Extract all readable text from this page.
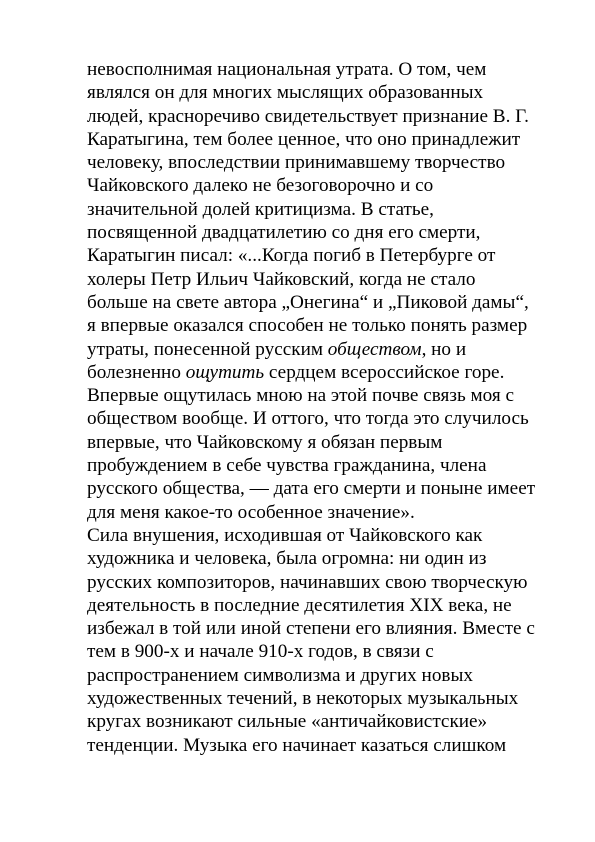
невосполнимая национальная утрата. О том, чем
являлся он для многих мыслящих образованных
людей, красноречиво свидетельствует признание В. Г.
Каратыгина, тем более ценное, что оно принадлежит
человеку, впоследствии принимавшему творчество
Чайковского далеко не безоговорочно и со
значительной долей критицизма. В статье,
посвященной двадцатилетию со дня его смерти,
Каратыгин писал: «...Когда погиб в Петербурге от
холеры Петр Ильич Чайковский, когда не стало
больше на свете автора „Онегина“ и „Пиковой дамы“,
я впервые оказался способен не только понять размер
утраты, понесенной русским обществом, но и
болезненно ощутить сердцем всероссийское горе.
Впервые ощутилась мною на этой почве связь моя с
обществом вообще. И оттого, что тогда это случилось
впервые, что Чайковскому я обязан первым
пробуждением в себе чувства гражданина, члена
русского общества, — дата его смерти и поныне имеет
для меня какое-то особенное значение».
Сила внушения, исходившая от Чайковского как
художника и человека, была огромна: ни один из
русских композиторов, начинавших свою творческую
деятельность в последние десятилетия XIX века, не
избежал в той или иной степени его влияния. Вместе с
тем в 900-х и начале 910-х годов, в связи с
распространением символизма и других новых
художественных течений, в некоторых музыкальных
кругах возникают сильные «античайковистские»
тенденции. Музыка его начинает казаться слишком
